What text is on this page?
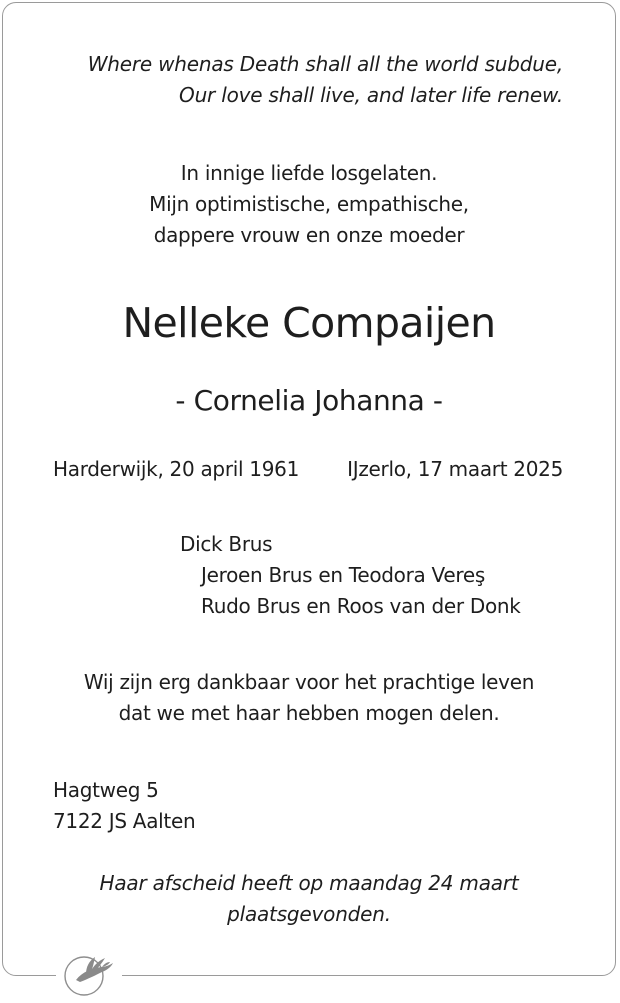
Where whenas Death shall all the world subdue,
Our love shall live, and later life renew.
In innige liefde losgelaten.
Mijn optimistische, empathische,
dappere vrouw en onze moeder
Nelleke Compaijen
- Cornelia Johanna -
Harderwijk, 20 april 1961 IJzerlo, 17 maart 2025
Dick Brus
Jeroen Brus en Teodora Vereş
Rudo Brus en Roos van der Donk
Wij zijn erg dankbaar voor het prachtige leven
dat we met haar hebben mogen delen.
Hagtweg 5
7122 JS Aalten
Haar afscheid heeft op maandag 24 maart
plaatsgevonden.
